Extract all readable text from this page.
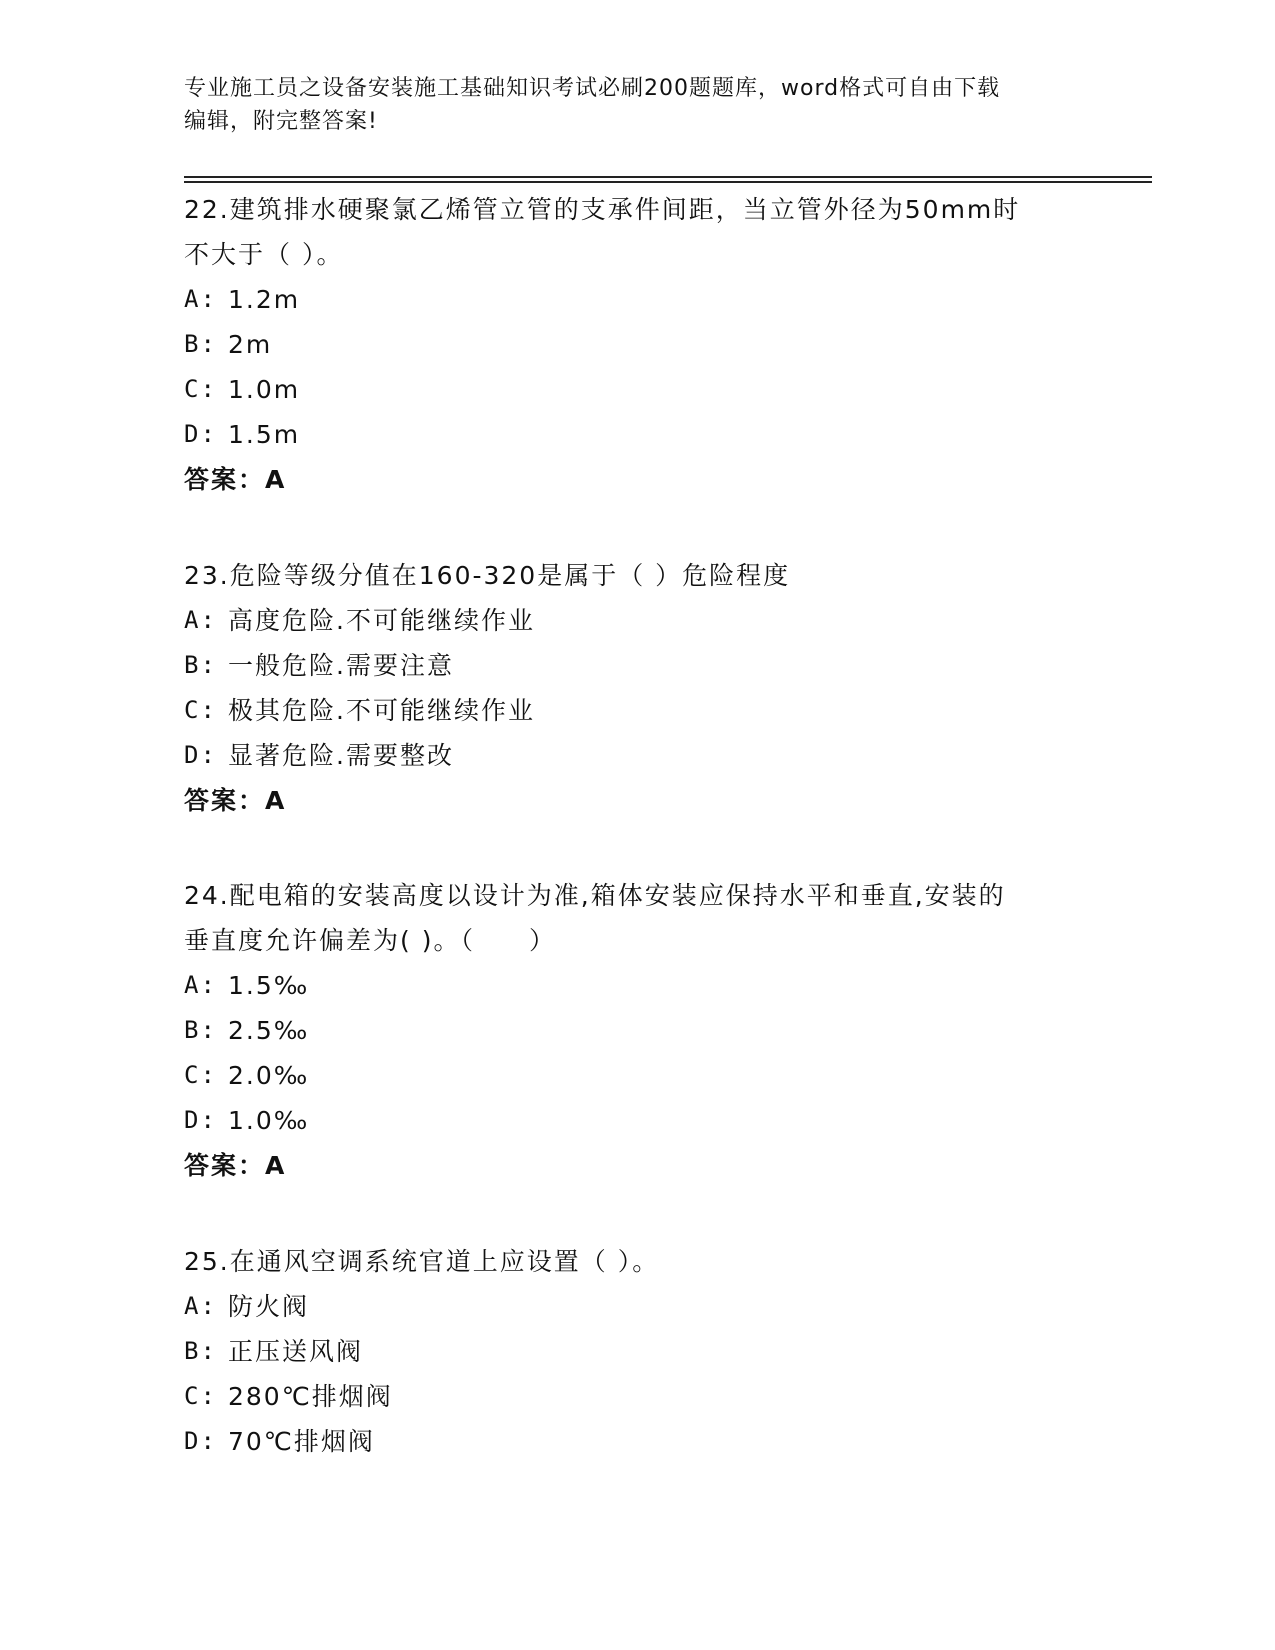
专业施工员之设备安装施工基础知识考试必刷200题题库，word格式可自由下载
编辑，附完整答案!
22.建筑排水硬聚氯乙烯管立管的支承件间距，当立管外径为50mm时
不大于（ ）。
A: 1.2m
B: 2m
C: 1.0m
D: 1.5m
答案：A
23.危险等级分值在160-320是属于（ ）危险程度
A: 高度危险.不可能继续作业
B: 一般危险.需要注意
C: 极其危险.不可能继续作业
D: 显著危险.需要整改
答案：A
24.配电箱的安装高度以设计为准,箱体安装应保持水平和垂直,安装的
垂直度允许偏差为( )。（　　）
A: 1.5‰
B: 2.5‰
C: 2.0‰
D: 1.0‰
答案：A
25.在通风空调系统官道上应设置（ ）。
A: 防火阀
B: 正压送风阀
C: 280℃排烟阀
D: 70℃排烟阀
